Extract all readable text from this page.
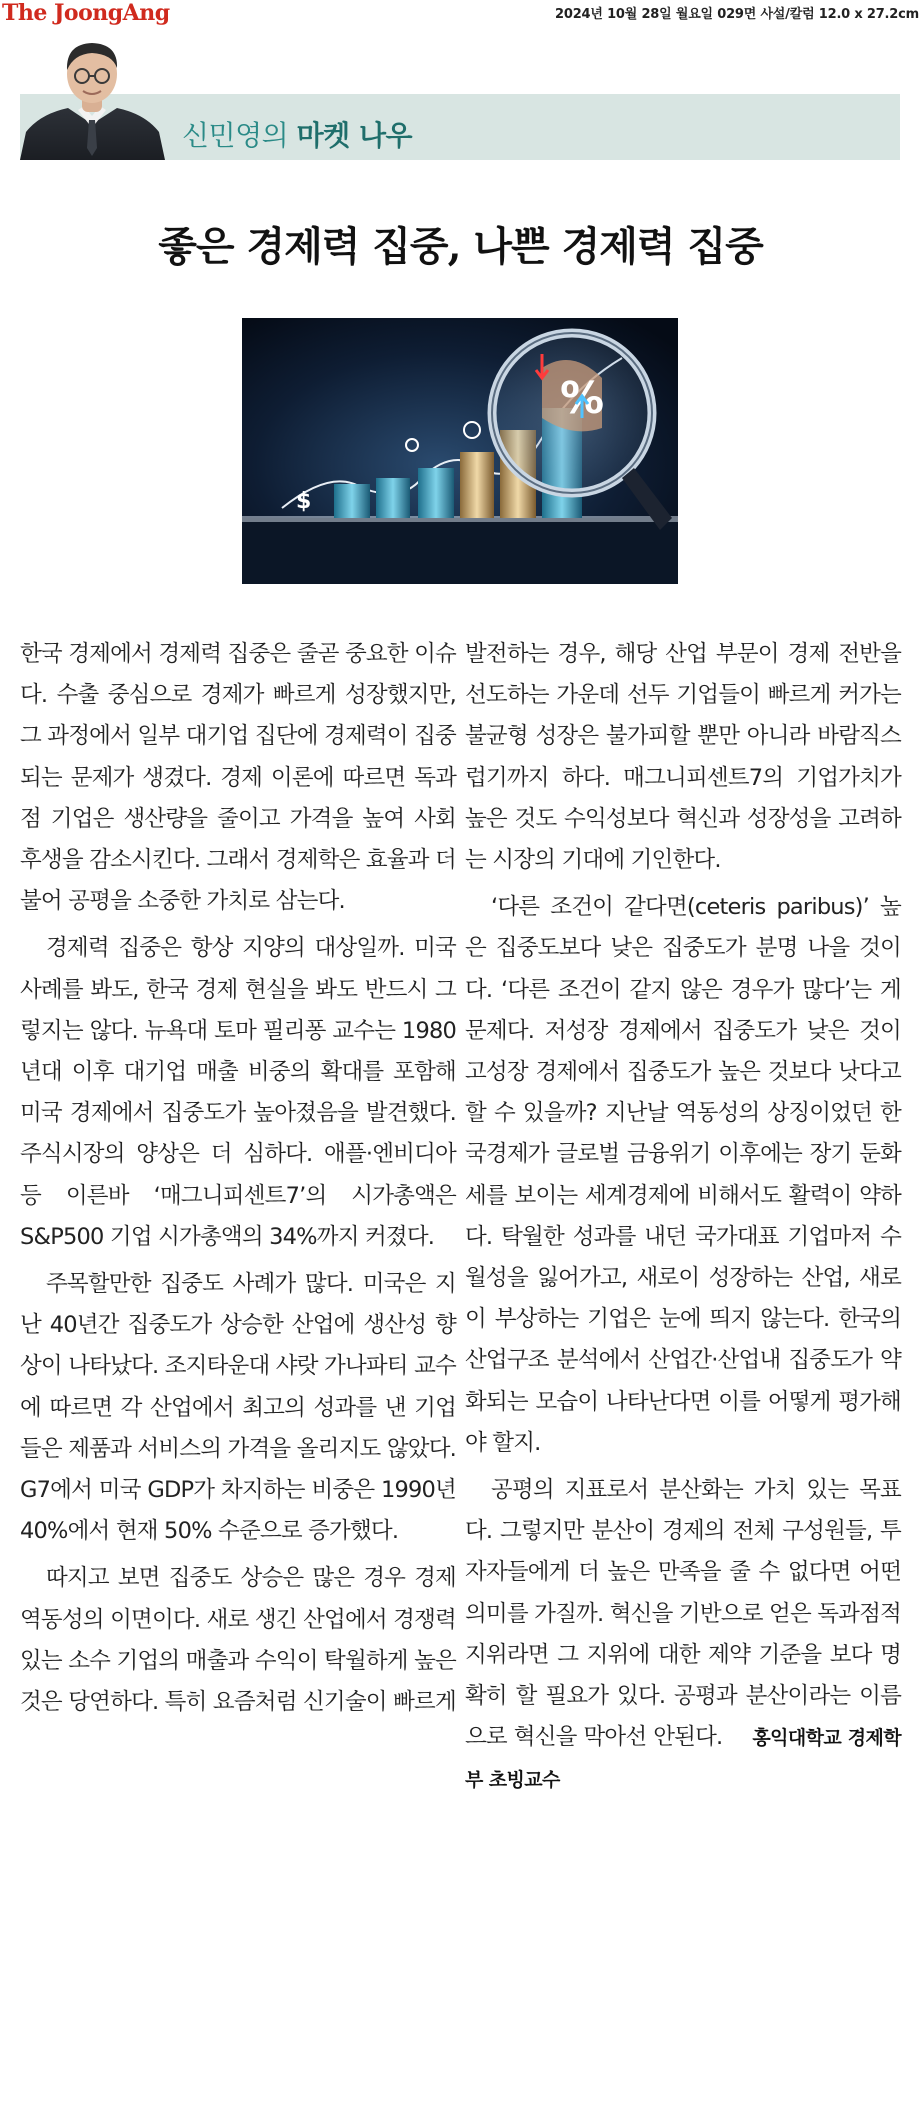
The JoongAng	2024년 10월 28일 월요일 029면 사설/칼럼 12.0 x 27.2cm
신민영의 마켓 나우
좋은 경제력 집중, 나쁜 경제력 집중
%
$

한국 경제에서 경제력 집중은 줄곧 중요한 이슈다. 수출 중심으로 경제가 빠르게 성장했지만, 그 과정에서 일부 대기업 집단에 경제력이 집중되는 문제가 생겼다. 경제 이론에 따르면 독과점 기업은 생산량을 줄이고 가격을 높여 사회 후생을 감소시킨다. 그래서 경제학은 효율과 더불어 공평을 소중한 가치로 삼는다.

경제력 집중은 항상 지양의 대상일까. 미국 사례를 봐도, 한국 경제 현실을 봐도 반드시 그렇지는 않다. 뉴욕대 토마 필리퐁 교수는 1980년대 이후 대기업 매출 비중의 확대를 포함해 미국 경제에서 집중도가 높아졌음을 발견했다. 주식시장의 양상은 더 심하다. 애플·엔비디아 등 이른바 ‘매그니피센트7’의 시가총액은 S&P500 기업 시가총액의 34%까지 커졌다.

주목할만한 집중도 사례가 많다. 미국은 지난 40년간 집중도가 상승한 산업에 생산성 향상이 나타났다. 조지타운대 샤랏 가나파티 교수에 따르면 각 산업에서 최고의 성과를 낸 기업들은 제품과 서비스의 가격을 올리지도 않았다. G7에서 미국 GDP가 차지하는 비중은 1990년 40%에서 현재 50% 수준으로 증가했다.

따지고 보면 집중도 상승은 많은 경우 경제 역동성의 이면이다. 새로 생긴 산업에서 경쟁력 있는 소수 기업의 매출과 수익이 탁월하게 높은 것은 당연하다. 특히 요즘처럼 신기술이 빠르게

발전하는 경우, 해당 산업 부문이 경제 전반을 선도하는 가운데 선두 기업들이 빠르게 커가는 불균형 성장은 불가피할 뿐만 아니라 바람직스럽기까지 하다. 매그니피센트7의 기업가치가 높은 것도 수익성보다 혁신과 성장성을 고려하는 시장의 기대에 기인한다.

‘다른 조건이 같다면(ceteris paribus)’ 높은 집중도보다 낮은 집중도가 분명 나을 것이다. ‘다른 조건이 같지 않은 경우가 많다’는 게 문제다. 저성장 경제에서 집중도가 낮은 것이 고성장 경제에서 집중도가 높은 것보다 낫다고 할 수 있을까? 지난날 역동성의 상징이었던 한국경제가 글로벌 금융위기 이후에는 장기 둔화세를 보이는 세계경제에 비해서도 활력이 약하다. 탁월한 성과를 내던 국가대표 기업마저 수월성을 잃어가고, 새로이 성장하는 산업, 새로이 부상하는 기업은 눈에 띄지 않는다. 한국의 산업구조 분석에서 산업간·산업내 집중도가 약화되는 모습이 나타난다면 이를 어떻게 평가해야 할지.

공평의 지표로서 분산화는 가치 있는 목표다. 그렇지만 분산이 경제의 전체 구성원들, 투자자들에게 더 높은 만족을 줄 수 없다면 어떤 의미를 가질까. 혁신을 기반으로 얻은 독과점적 지위라면 그 지위에 대한 제약 기준을 보다 명확히 할 필요가 있다. 공평과 분산이라는 이름으로 혁신을 막아선 안된다. 홍익대학교 경제학부 초빙교수
